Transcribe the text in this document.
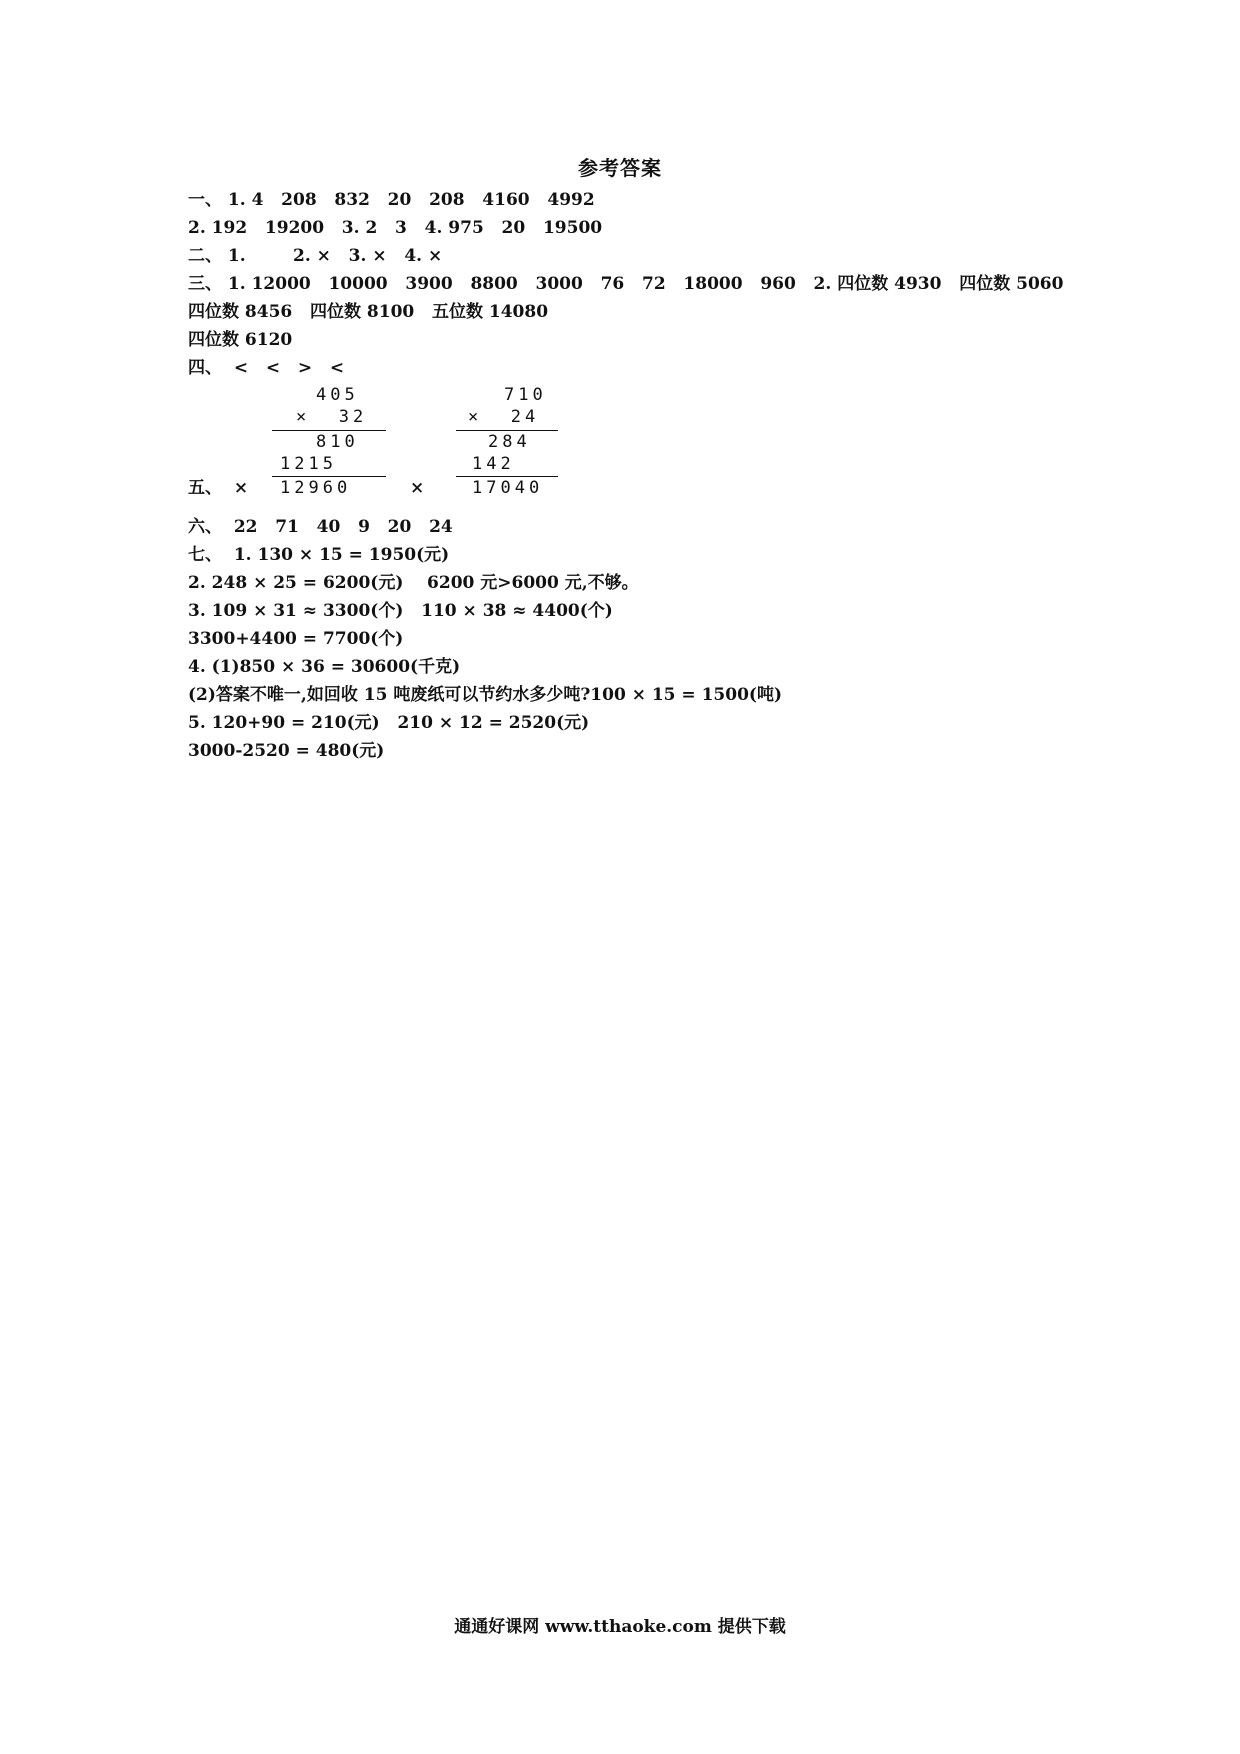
参考答案
一、 1. 4   208   832   20   208   4160   4992
2. 192   19200   3. 2   3   4. 975   20   19500
二、 1.        2. ×   3. ×   4. ×
三、 1. 12000   10000   3900   8800   3000   76   72   18000   960   2. 四位数 4930   四位数 5060
四位数 8456   四位数 8100   五位数 14080
四位数 6120
四、  <   <   >   <
五、  ×	×
405
×  32
810
1215
12960
710
×  24
284
142
17040
六、  22   71   40   9   20   24
七、  1. 130 × 15 = 1950(元)
2. 248 × 25 = 6200(元)    6200 元>6000 元,不够。
3. 109 × 31 ≈ 3300(个)   110 × 38 ≈ 4400(个)
3300+4400 = 7700(个)
4. (1)850 × 36 = 30600(千克)
(2)答案不唯一,如回收 15 吨废纸可以节约水多少吨?100 × 15 = 1500(吨)
5. 120+90 = 210(元)   210 × 12 = 2520(元)
3000-2520 = 480(元)
通通好课网 www.tthaoke.com 提供下载
